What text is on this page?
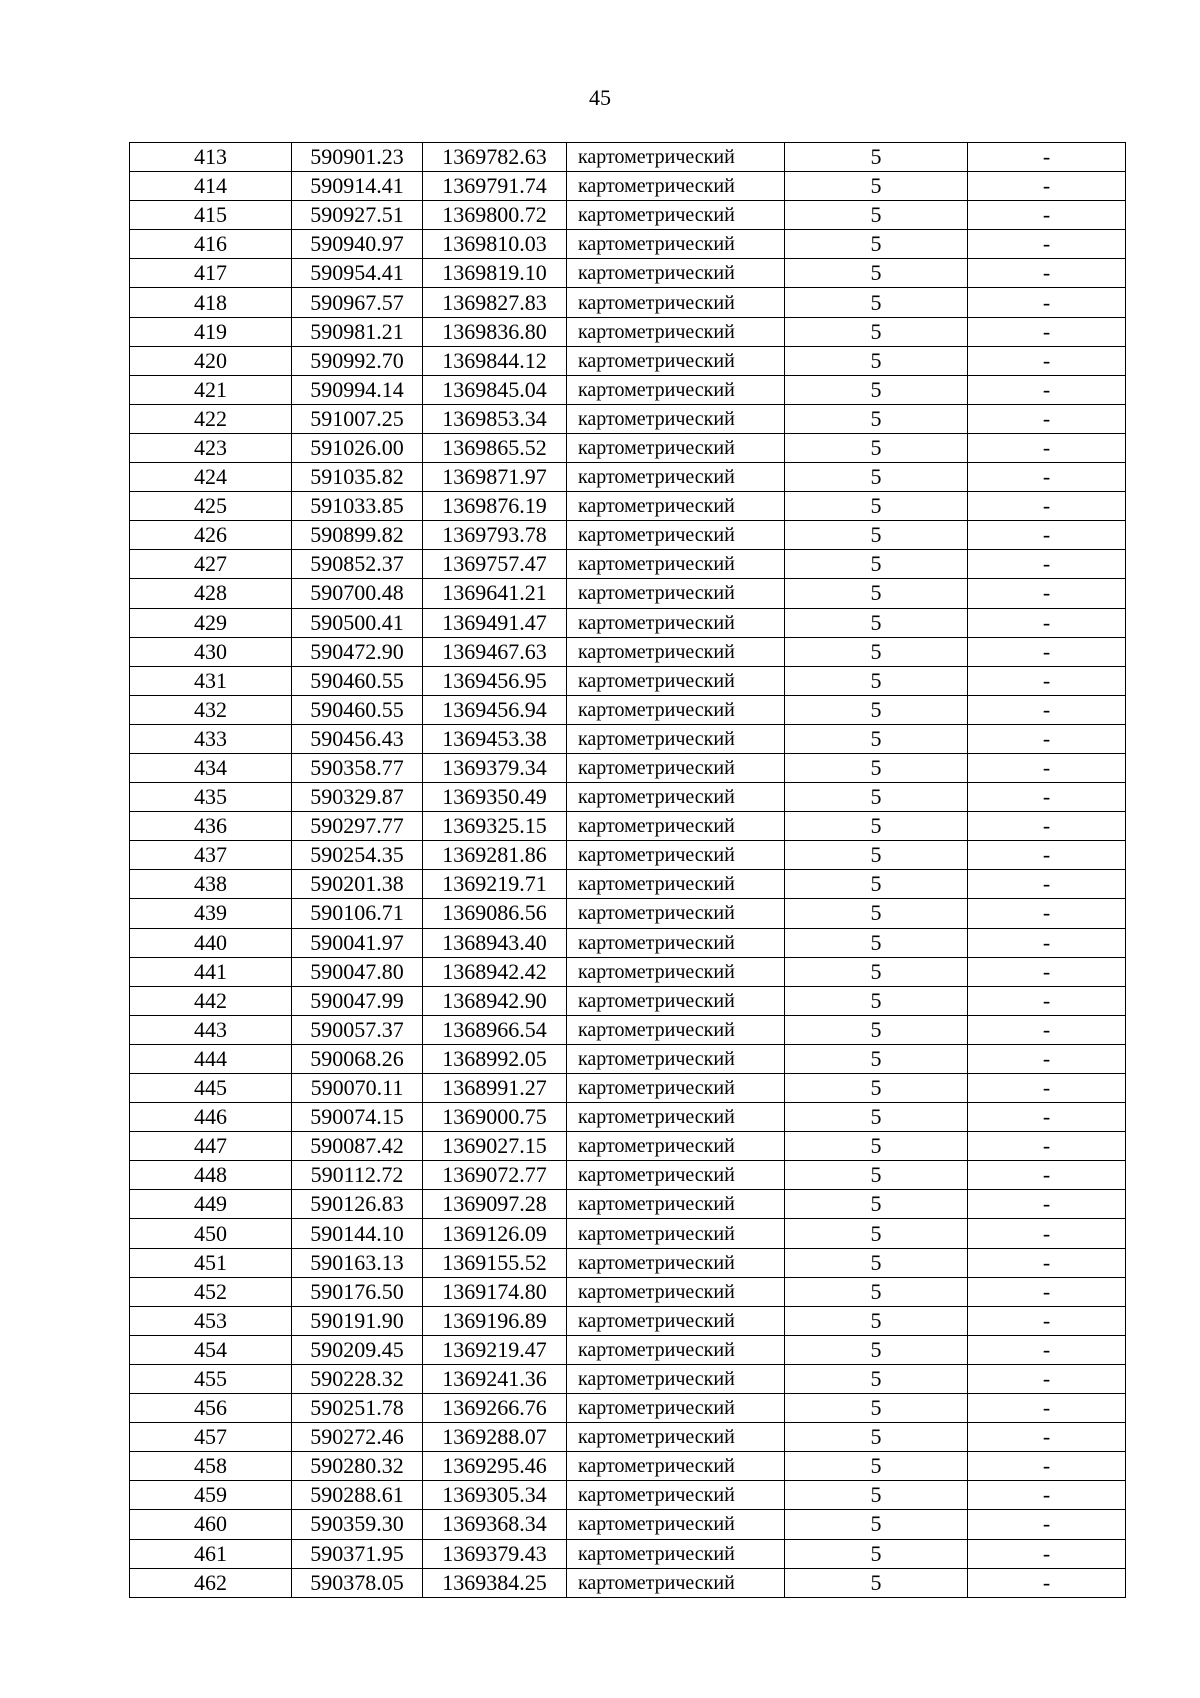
45
413	590901.23	1369782.63	картометрический	5	-
414	590914.41	1369791.74	картометрический	5	-
415	590927.51	1369800.72	картометрический	5	-
416	590940.97	1369810.03	картометрический	5	-
417	590954.41	1369819.10	картометрический	5	-
418	590967.57	1369827.83	картометрический	5	-
419	590981.21	1369836.80	картометрический	5	-
420	590992.70	1369844.12	картометрический	5	-
421	590994.14	1369845.04	картометрический	5	-
422	591007.25	1369853.34	картометрический	5	-
423	591026.00	1369865.52	картометрический	5	-
424	591035.82	1369871.97	картометрический	5	-
425	591033.85	1369876.19	картометрический	5	-
426	590899.82	1369793.78	картометрический	5	-
427	590852.37	1369757.47	картометрический	5	-
428	590700.48	1369641.21	картометрический	5	-
429	590500.41	1369491.47	картометрический	5	-
430	590472.90	1369467.63	картометрический	5	-
431	590460.55	1369456.95	картометрический	5	-
432	590460.55	1369456.94	картометрический	5	-
433	590456.43	1369453.38	картометрический	5	-
434	590358.77	1369379.34	картометрический	5	-
435	590329.87	1369350.49	картометрический	5	-
436	590297.77	1369325.15	картометрический	5	-
437	590254.35	1369281.86	картометрический	5	-
438	590201.38	1369219.71	картометрический	5	-
439	590106.71	1369086.56	картометрический	5	-
440	590041.97	1368943.40	картометрический	5	-
441	590047.80	1368942.42	картометрический	5	-
442	590047.99	1368942.90	картометрический	5	-
443	590057.37	1368966.54	картометрический	5	-
444	590068.26	1368992.05	картометрический	5	-
445	590070.11	1368991.27	картометрический	5	-
446	590074.15	1369000.75	картометрический	5	-
447	590087.42	1369027.15	картометрический	5	-
448	590112.72	1369072.77	картометрический	5	-
449	590126.83	1369097.28	картометрический	5	-
450	590144.10	1369126.09	картометрический	5	-
451	590163.13	1369155.52	картометрический	5	-
452	590176.50	1369174.80	картометрический	5	-
453	590191.90	1369196.89	картометрический	5	-
454	590209.45	1369219.47	картометрический	5	-
455	590228.32	1369241.36	картометрический	5	-
456	590251.78	1369266.76	картометрический	5	-
457	590272.46	1369288.07	картометрический	5	-
458	590280.32	1369295.46	картометрический	5	-
459	590288.61	1369305.34	картометрический	5	-
460	590359.30	1369368.34	картометрический	5	-
461	590371.95	1369379.43	картометрический	5	-
462	590378.05	1369384.25	картометрический	5	-
